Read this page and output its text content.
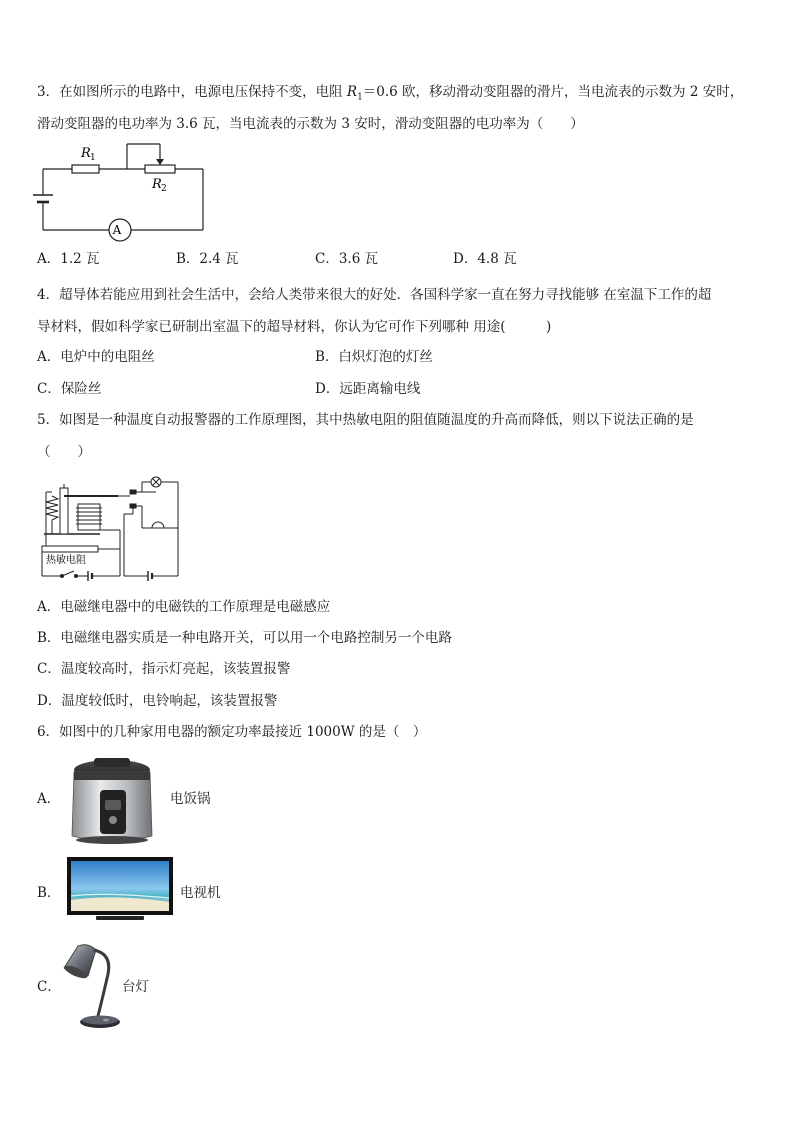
3．在如图所示的电路中，电源电压保持不变，电阻 $R_1=0.6$ 欧，移动滑动变阻器的滑片，当电流表的示数为 2 安时，
滑动变阻器的电功率为 3.6 瓦，当电流表的示数为 3 安时，滑动变阻器的电功率为（　　）
A
R 1
R 2
A．1.2 瓦	B．2.4 瓦	C．3.6 瓦	D．4.8 瓦
4．超导体若能应用到社会生活中，会给人类带来很大的好处．各国科学家一直在努力寻找能够 在室温下工作的超
导材料，假如科学家已研制出室温下的超导材料，你认为它可作下列哪种 用途(　　　)
A．电炉中的电阻丝	B．白炽灯泡的灯丝
C．保险丝	D．远距离输电线
5．如图是一种温度自动报警器的工作原理图，其中热敏电阻的阻值随温度的升高而降低，则以下说法正确的是
（　　）
热敏电阻
A．电磁继电器中的电磁铁的工作原理是电磁感应
B．电磁继电器实质是一种电路开关，可以用一个电路控制另一个电路
C．温度较高时，指示灯亮起，该装置报警
D．温度较低时，电铃响起，该装置报警
6．如图中的几种家用电器的额定功率最接近 1000W 的是（　）
A．	电饭锅
B．	电视机
C．	台灯
